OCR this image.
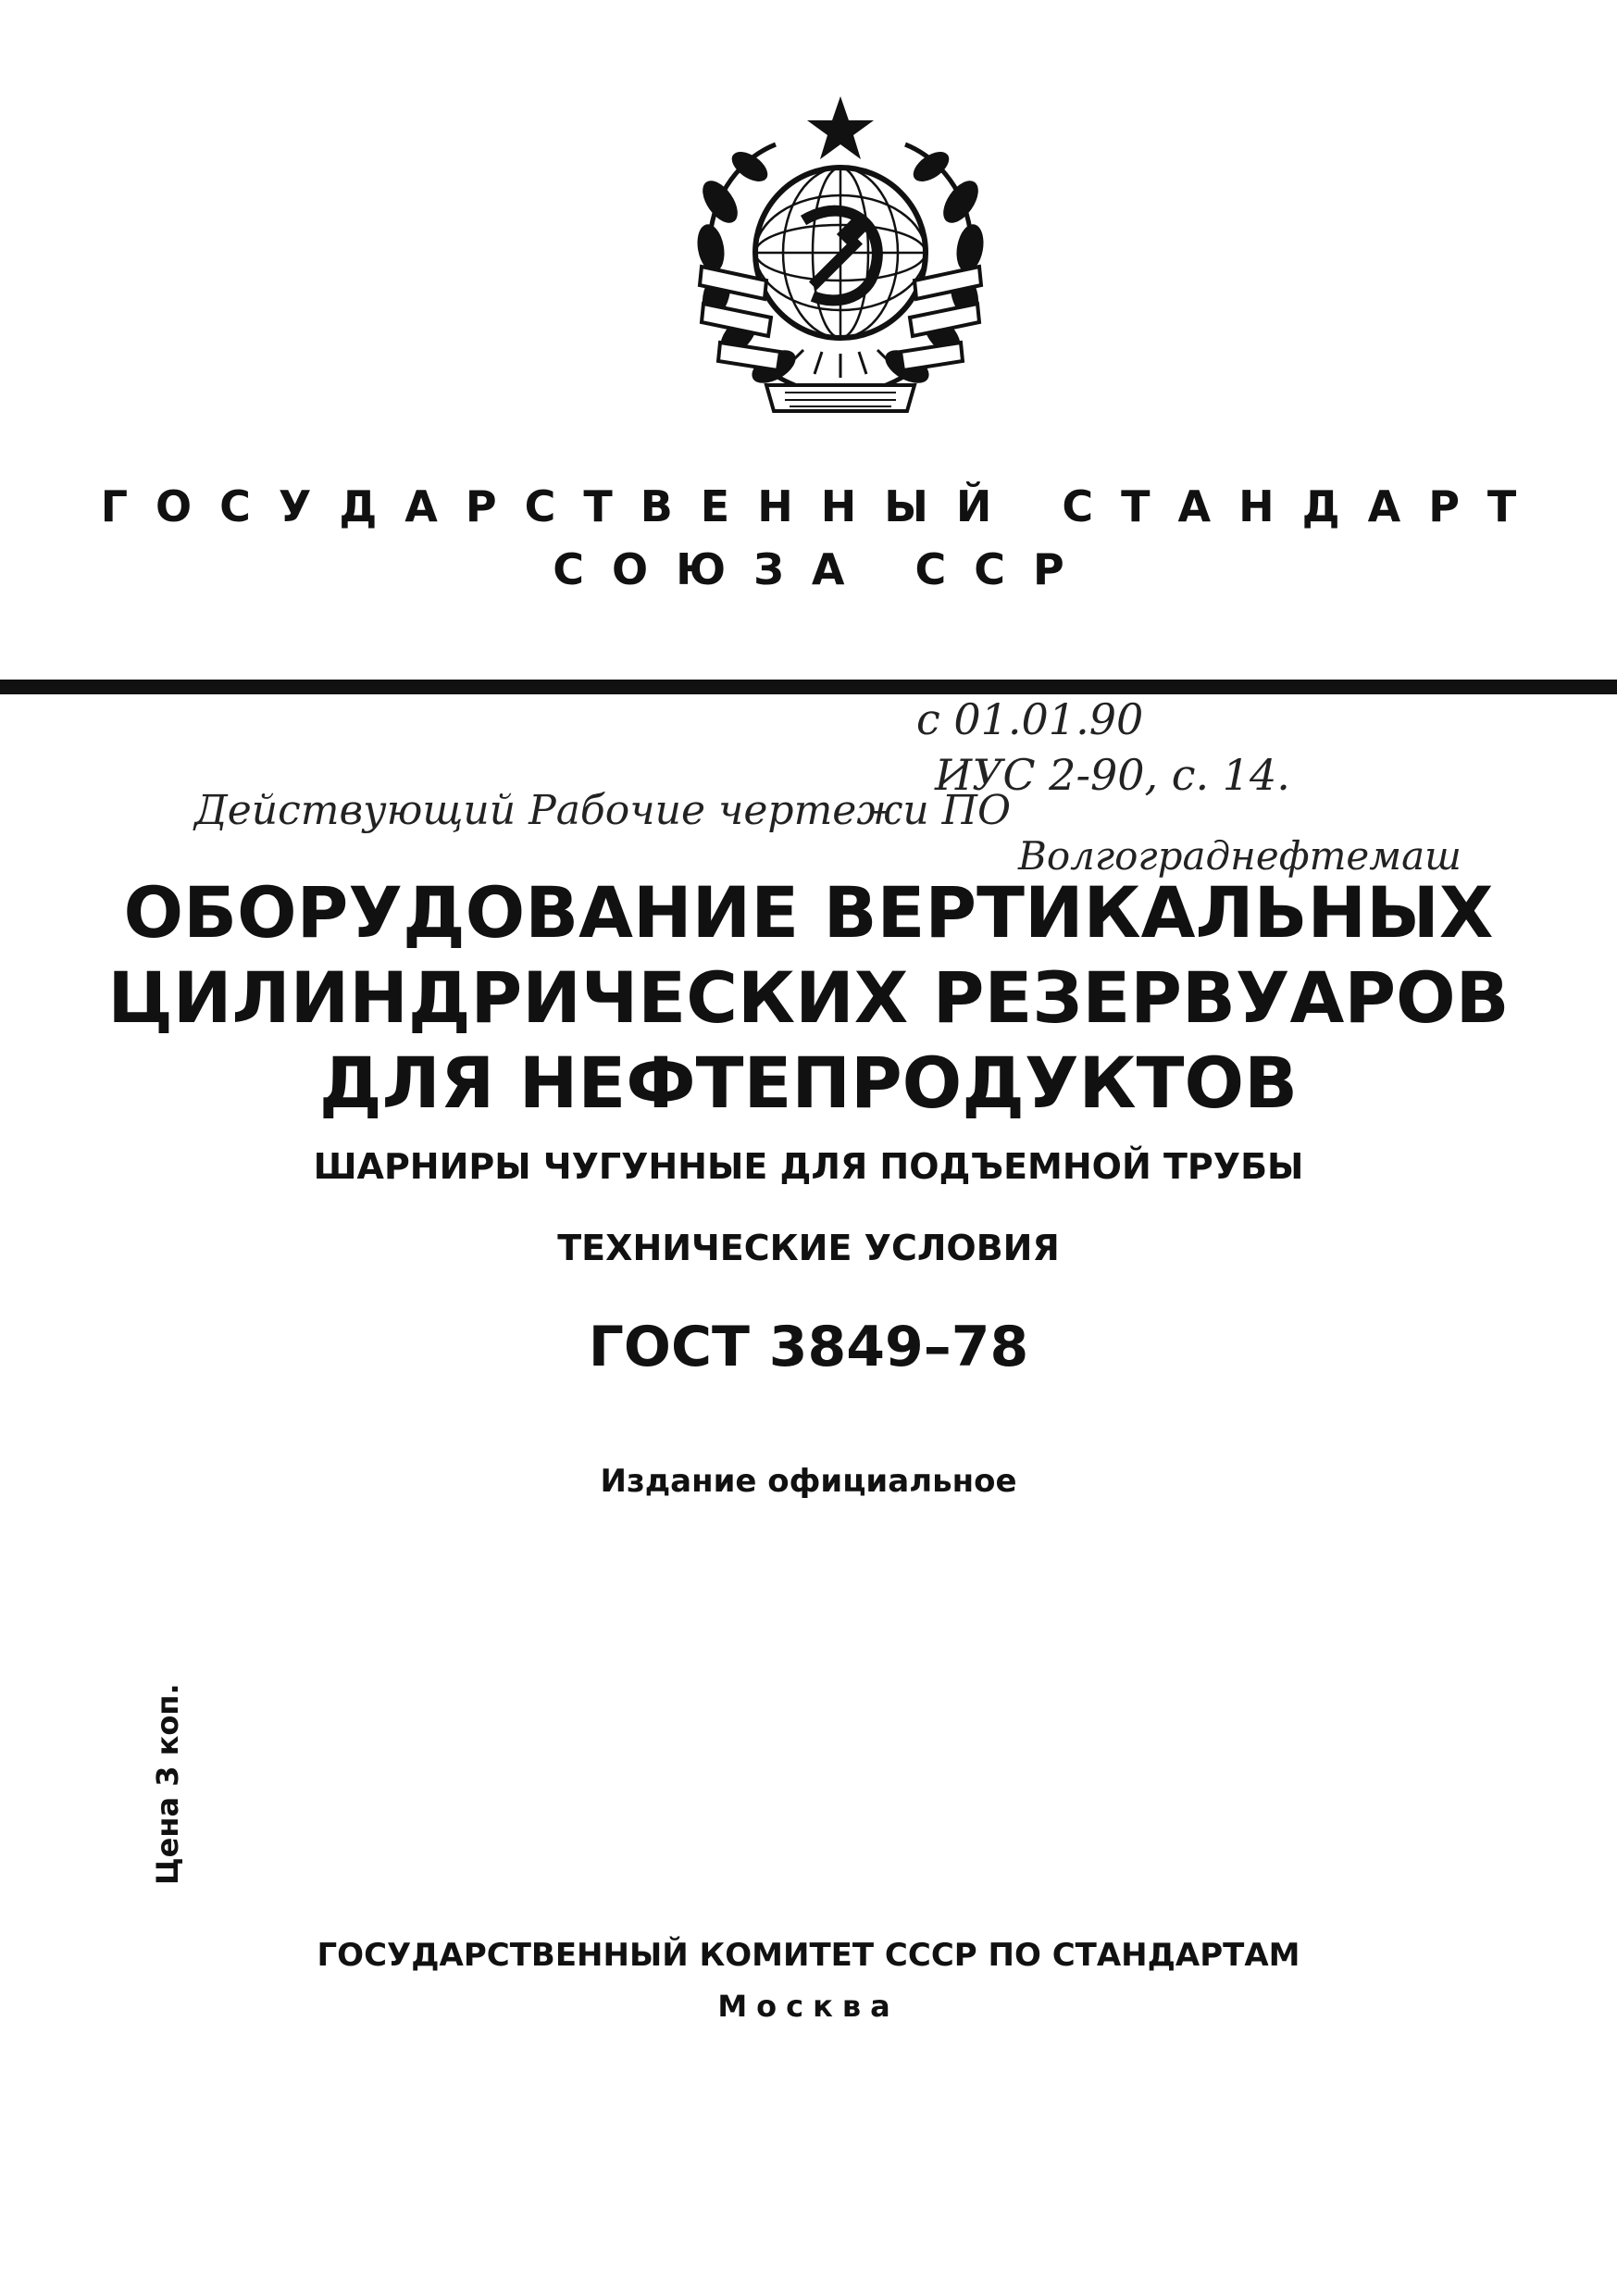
ГОСУДАРСТВЕННЫЙ СТАНДАРТ
СОЮЗА ССР
с 01.01.90
ИУС 2-90, с. 14.
Действующий Рабочие чертежи ПО
Волгограднефтемаш
ОБОРУДОВАНИЕ ВЕРТИКАЛЬНЫХ
ЦИЛИНДРИЧЕСКИХ РЕЗЕРВУАРОВ
ДЛЯ НЕФТЕПРОДУКТОВ
ШАРНИРЫ ЧУГУННЫЕ ДЛЯ ПОДЪЕМНОЙ ТРУБЫ
ТЕХНИЧЕСКИЕ УСЛОВИЯ
ГОСТ 3849–78
Издание официальное
Цена 3 коп.
ГОСУДАРСТВЕННЫЙ КОМИТЕТ СССР ПО СТАНДАРТАМ
Москва
